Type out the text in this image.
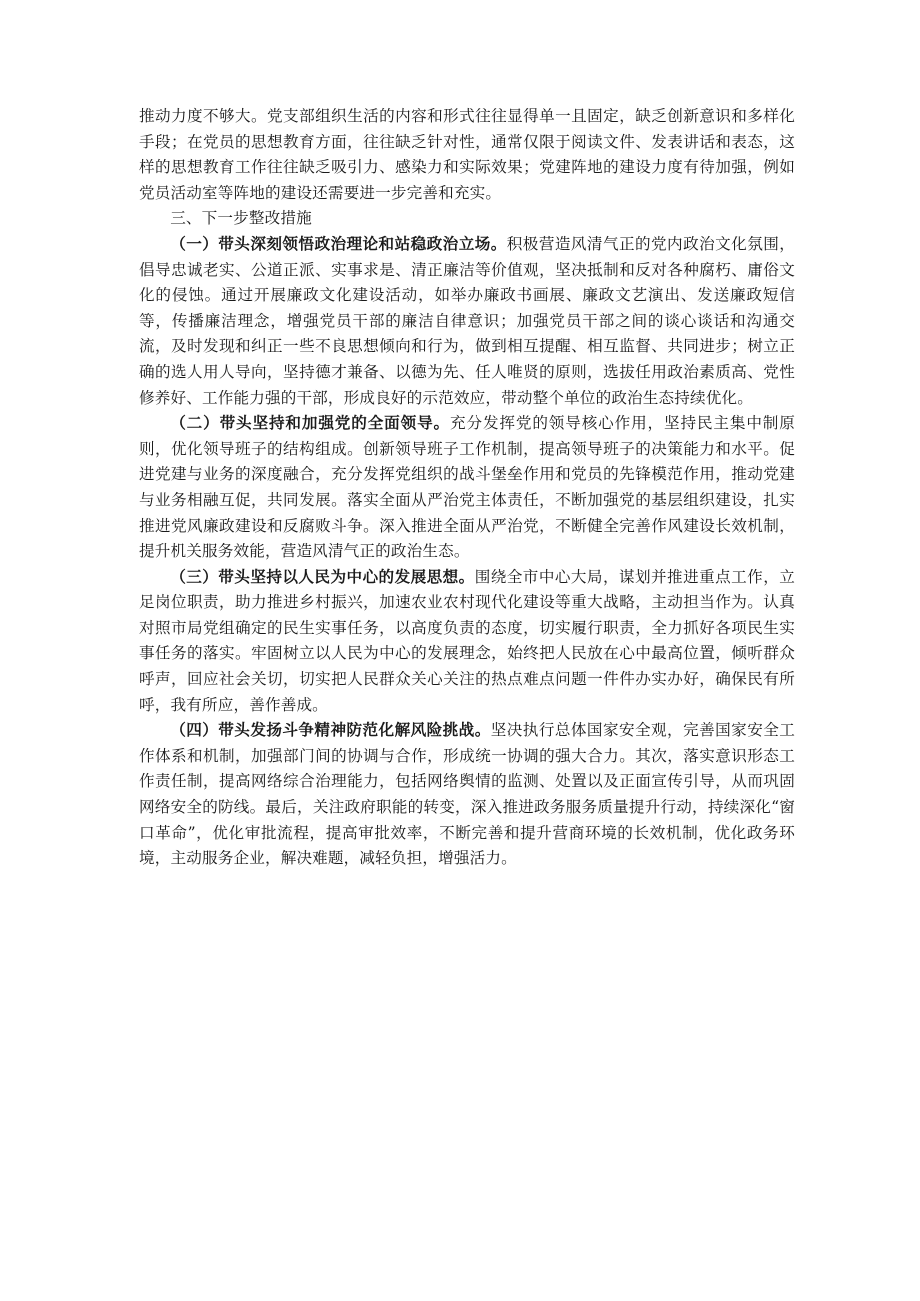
推动力度不够大。党支部组织生活的内容和形式往往显得单一且固定，缺乏创新意识和多样化手段；在党员的思想教育方面，往往缺乏针对性，通常仅限于阅读文件、发表讲话和表态，这样的思想教育工作往往缺乏吸引力、感染力和实际效果；党建阵地的建设力度有待加强，例如党员活动室等阵地的建设还需要进一步完善和充实。

三、下一步整改措施

（一）带头深刻领悟政治理论和站稳政治立场。积极营造风清气正的党内政治文化氛围，倡导忠诚老实、公道正派、实事求是、清正廉洁等价值观，坚决抵制和反对各种腐朽、庸俗文化的侵蚀。通过开展廉政文化建设活动，如举办廉政书画展、廉政文艺演出、发送廉政短信等，传播廉洁理念，增强党员干部的廉洁自律意识；加强党员干部之间的谈心谈话和沟通交流，及时发现和纠正一些不良思想倾向和行为，做到相互提醒、相互监督、共同进步；树立正确的选人用人导向，坚持德才兼备、以德为先、任人唯贤的原则，选拔任用政治素质高、党性修养好、工作能力强的干部，形成良好的示范效应，带动整个单位的政治生态持续优化。

（二）带头坚持和加强党的全面领导。充分发挥党的领导核心作用，坚持民主集中制原则，优化领导班子的结构组成。创新领导班子工作机制，提高领导班子的决策能力和水平。促进党建与业务的深度融合，充分发挥党组织的战斗堡垒作用和党员的先锋模范作用，推动党建与业务相融互促，共同发展。落实全面从严治党主体责任，不断加强党的基层组织建设，扎实推进党风廉政建设和反腐败斗争。深入推进全面从严治党，不断健全完善作风建设长效机制，提升机关服务效能，营造风清气正的政治生态。

（三）带头坚持以人民为中心的发展思想。围绕全市中心大局，谋划并推进重点工作，立足岗位职责，助力推进乡村振兴，加速农业农村现代化建设等重大战略，主动担当作为。认真对照市局党组确定的民生实事任务，以高度负责的态度，切实履行职责，全力抓好各项民生实事任务的落实。牢固树立以人民为中心的发展理念，始终把人民放在心中最高位置，倾听群众呼声，回应社会关切，切实把人民群众关心关注的热点难点问题一件件办实办好，确保民有所呼，我有所应，善作善成。

（四）带头发扬斗争精神防范化解风险挑战。坚决执行总体国家安全观，完善国家安全工作体系和机制，加强部门间的协调与合作，形成统一协调的强大合力。其次，落实意识形态工作责任制，提高网络综合治理能力，包括网络舆情的监测、处置以及正面宣传引导，从而巩固网络安全的防线。最后，关注政府职能的转变，深入推进政务服务质量提升行动，持续深化“窗口革命”，优化审批流程，提高审批效率，不断完善和提升营商环境的长效机制，优化政务环境，主动服务企业，解决难题，减轻负担，增强活力。
